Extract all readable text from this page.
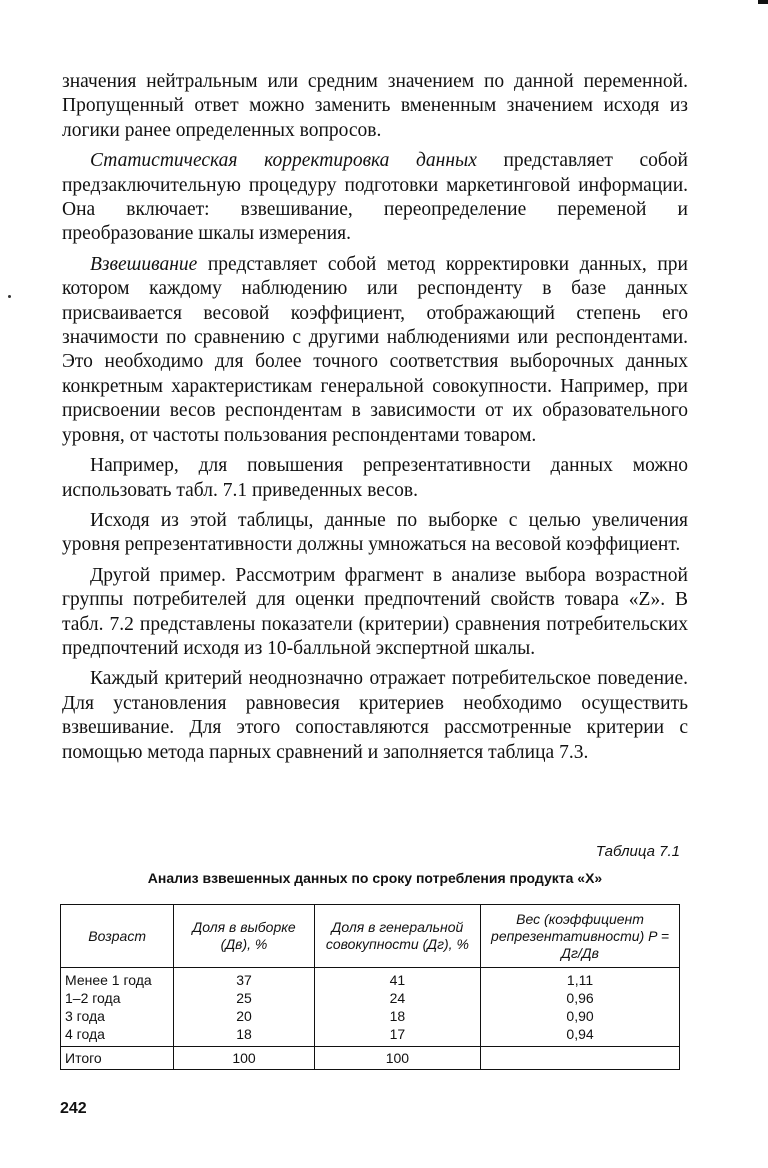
значения нейтральным или средним значением по данной переменной. Пропущенный ответ можно заменить вмененным значением исходя из логики ранее определенных вопросов.

Статистическая корректировка данных представляет собой предзаключительную процедуру подготовки маркетинговой информации. Она включает: взвешивание, переопределение переменой и преобразование шкалы измерения.

Взвешивание представляет собой метод корректировки данных, при котором каждому наблюдению или респонденту в базе данных присваивается весовой коэффициент, отображающий степень его значимости по сравнению с другими наблюдениями или респондентами. Это необходимо для более точного соответствия выборочных данных конкретным характеристикам генеральной совокупности. Например, при присвоении весов респондентам в зависимости от их образовательного уровня, от частоты пользования респондентами товаром.

Например, для повышения репрезентативности данных можно использовать табл. 7.1 приведенных весов.

Исходя из этой таблицы, данные по выборке с целью увеличения уровня репрезентативности должны умножаться на весовой коэффициент.

Другой пример. Рассмотрим фрагмент в анализе выбора возрастной группы потребителей для оценки предпочтений свойств товара «Z». В табл. 7.2 представлены показатели (критерии) сравнения потребительских предпочтений исходя из 10-балльной экспертной шкалы.

Каждый критерий неоднозначно отражает потребительское поведение. Для установления равновесия критериев необходимо осуществить взвешивание. Для этого сопоставляются рассмотренные критерии с помощью метода парных сравнений и заполняется таблица 7.3.

Таблица 7.1
Анализ взвешенных данных по сроку потребления продукта «X»
Возраст	Доля в выборке (Дв), %	Доля в генеральной совокупности (Дг), %	Вес (коэффициент репрезентативности) P = Дг/Дв
Менее 1 года	37	41	1,11
1–2 года	25	24	0,96
3 года	20	18	0,90
4 года	18	17	0,94
Итого	100	100	
242
